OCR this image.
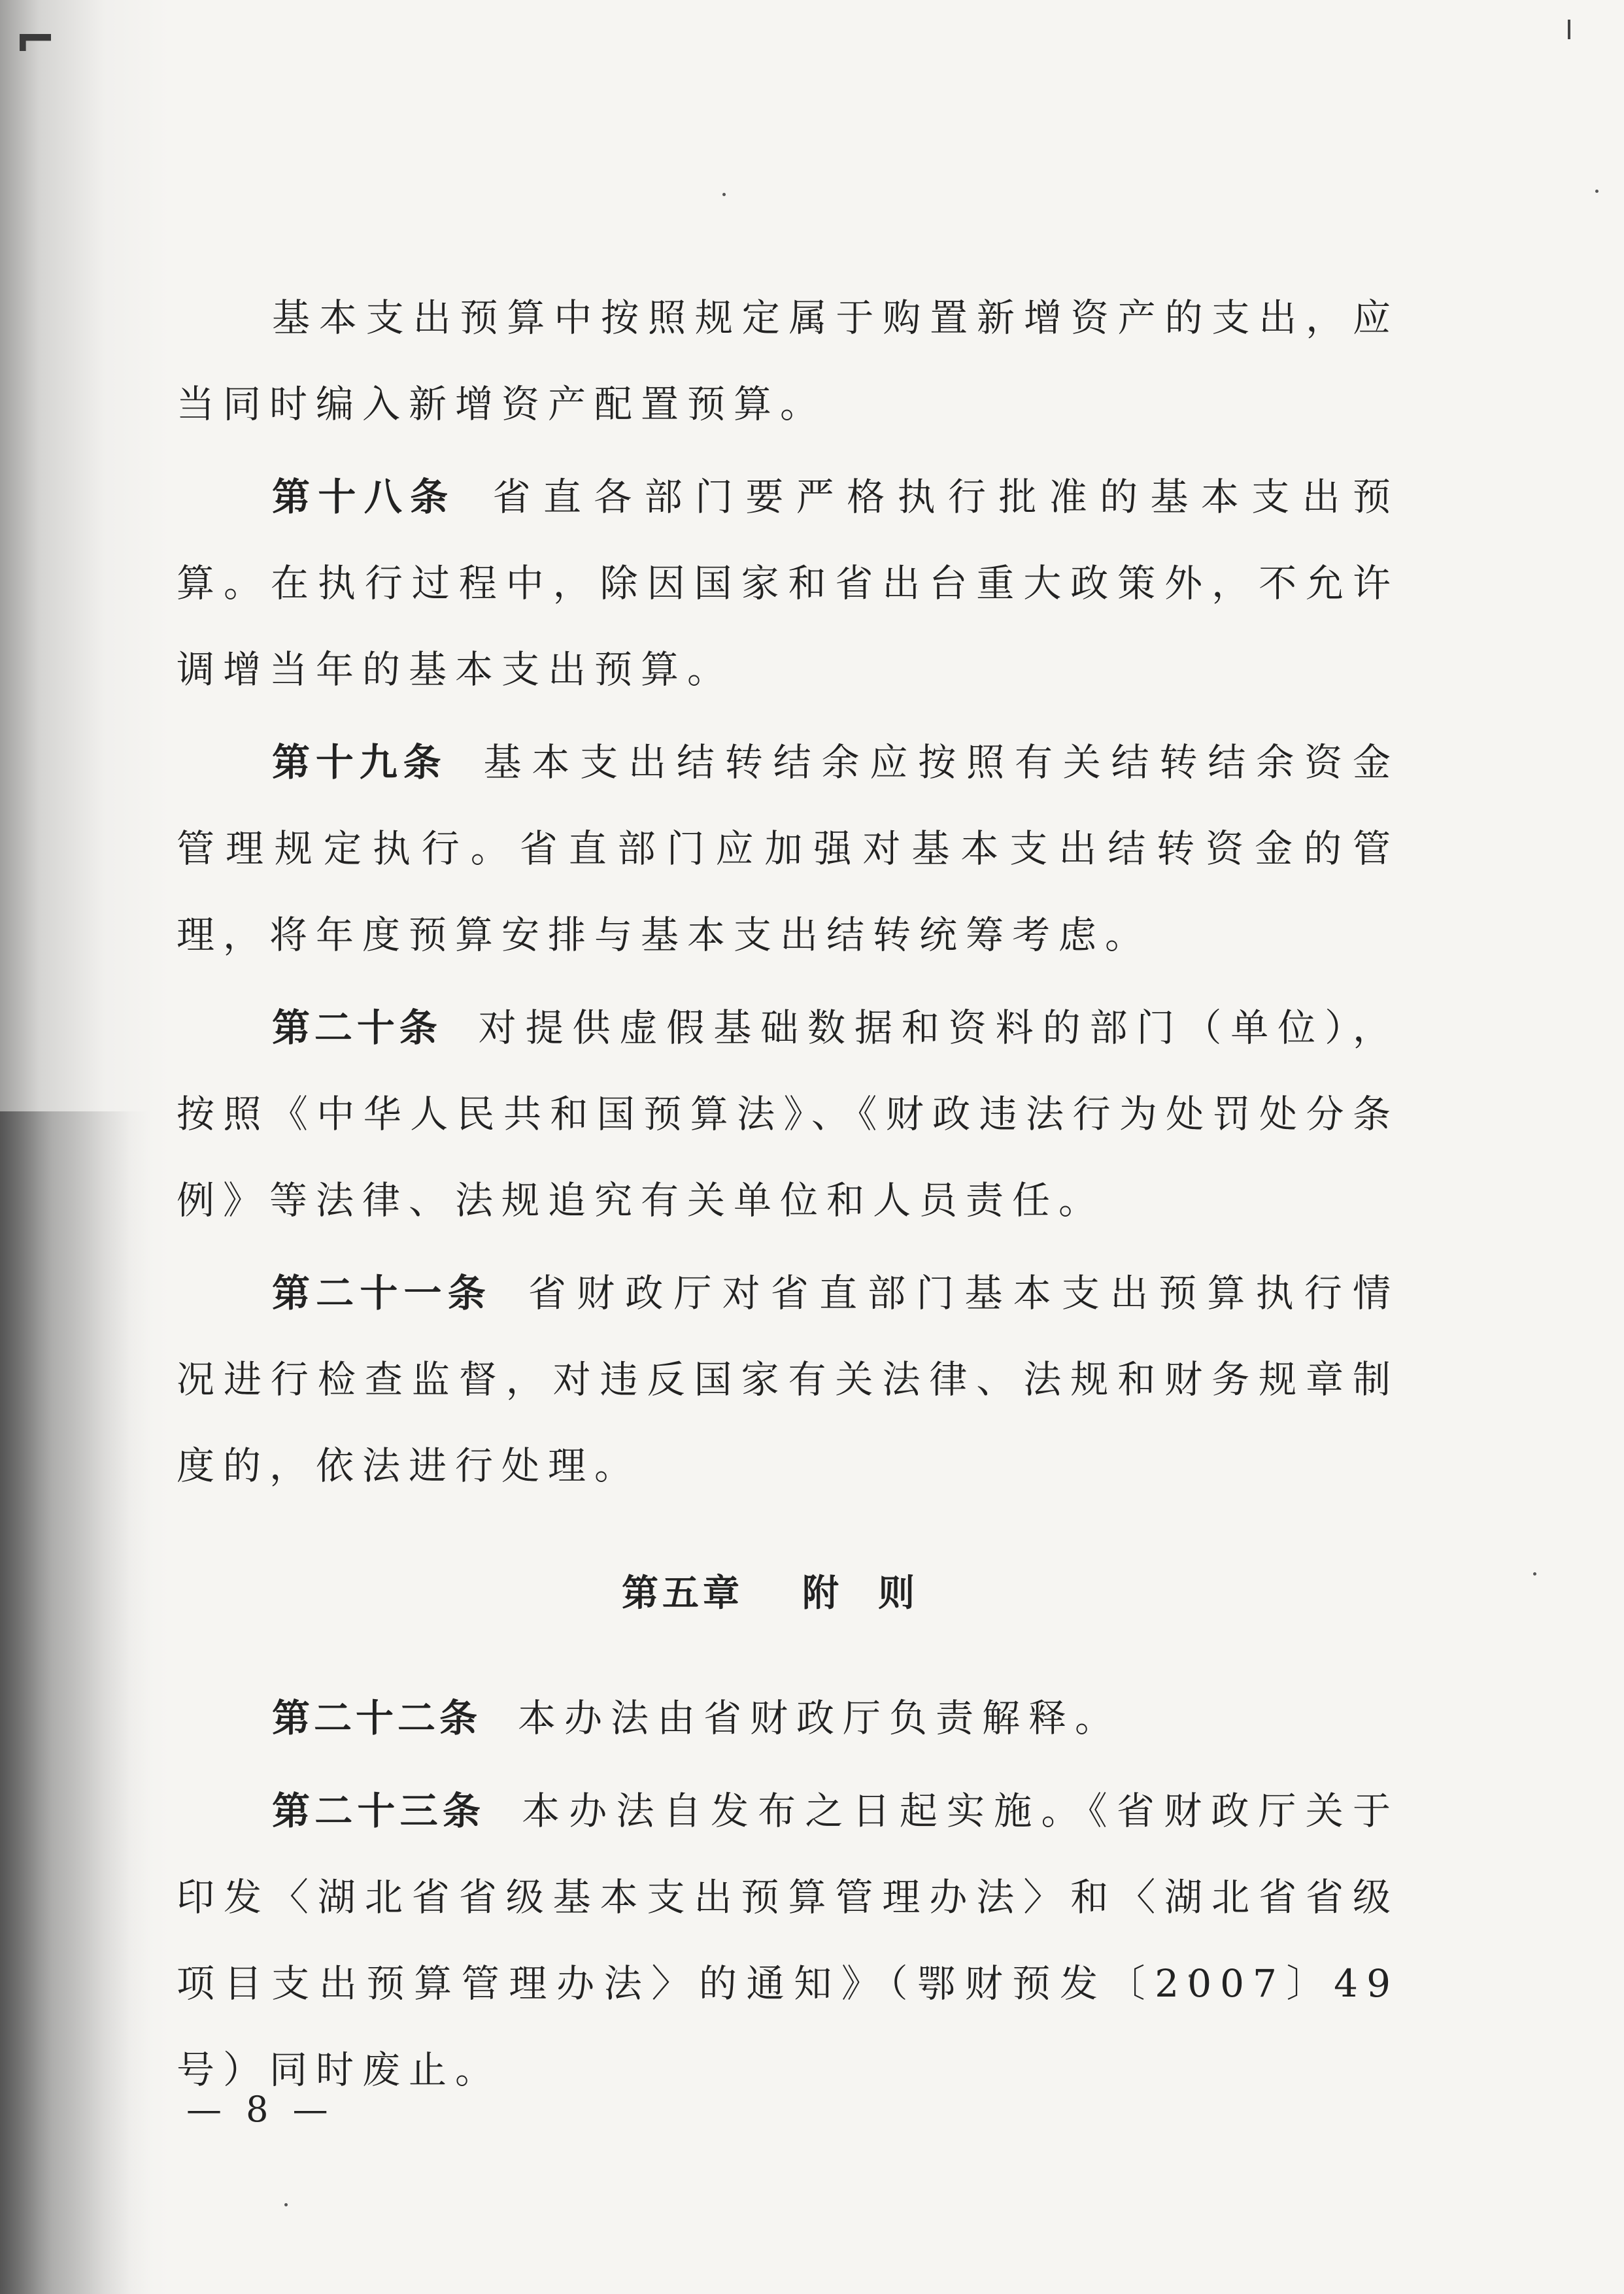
基本支出预算中按照规定属于购置新增资产的支出，应当同时编入新增资产配置预算。

第十八条 省直各部门要严格执行批准的基本支出预算。在执行过程中，除因国家和省出台重大政策外，不允许调增当年的基本支出预算。

第十九条 基本支出结转结余应按照有关结转结余资金管理规定执行。省直部门应加强对基本支出结转资金的管理，将年度预算安排与基本支出结转统筹考虑。

第二十条 对提供虚假基础数据和资料的部门（单位），按照《中华人民共和国预算法》、《财政违法行为处罚处分条例》等法律、法规追究有关单位和人员责任。

第二十一条 省财政厅对省直部门基本支出预算执行情况进行检查监督，对违反国家有关法律、法规和财务规章制度的，依法进行处理。

第五章 附则

第二十二条 本办法由省财政厅负责解释。

第二十三条 本办法自发布之日起实施。《省财政厅关于印发〈湖北省省级基本支出预算管理办法〉和〈湖北省省级项目支出预算管理办法〉的通知》（鄂财预发〔2007〕49号）同时废止。

— 8 —
